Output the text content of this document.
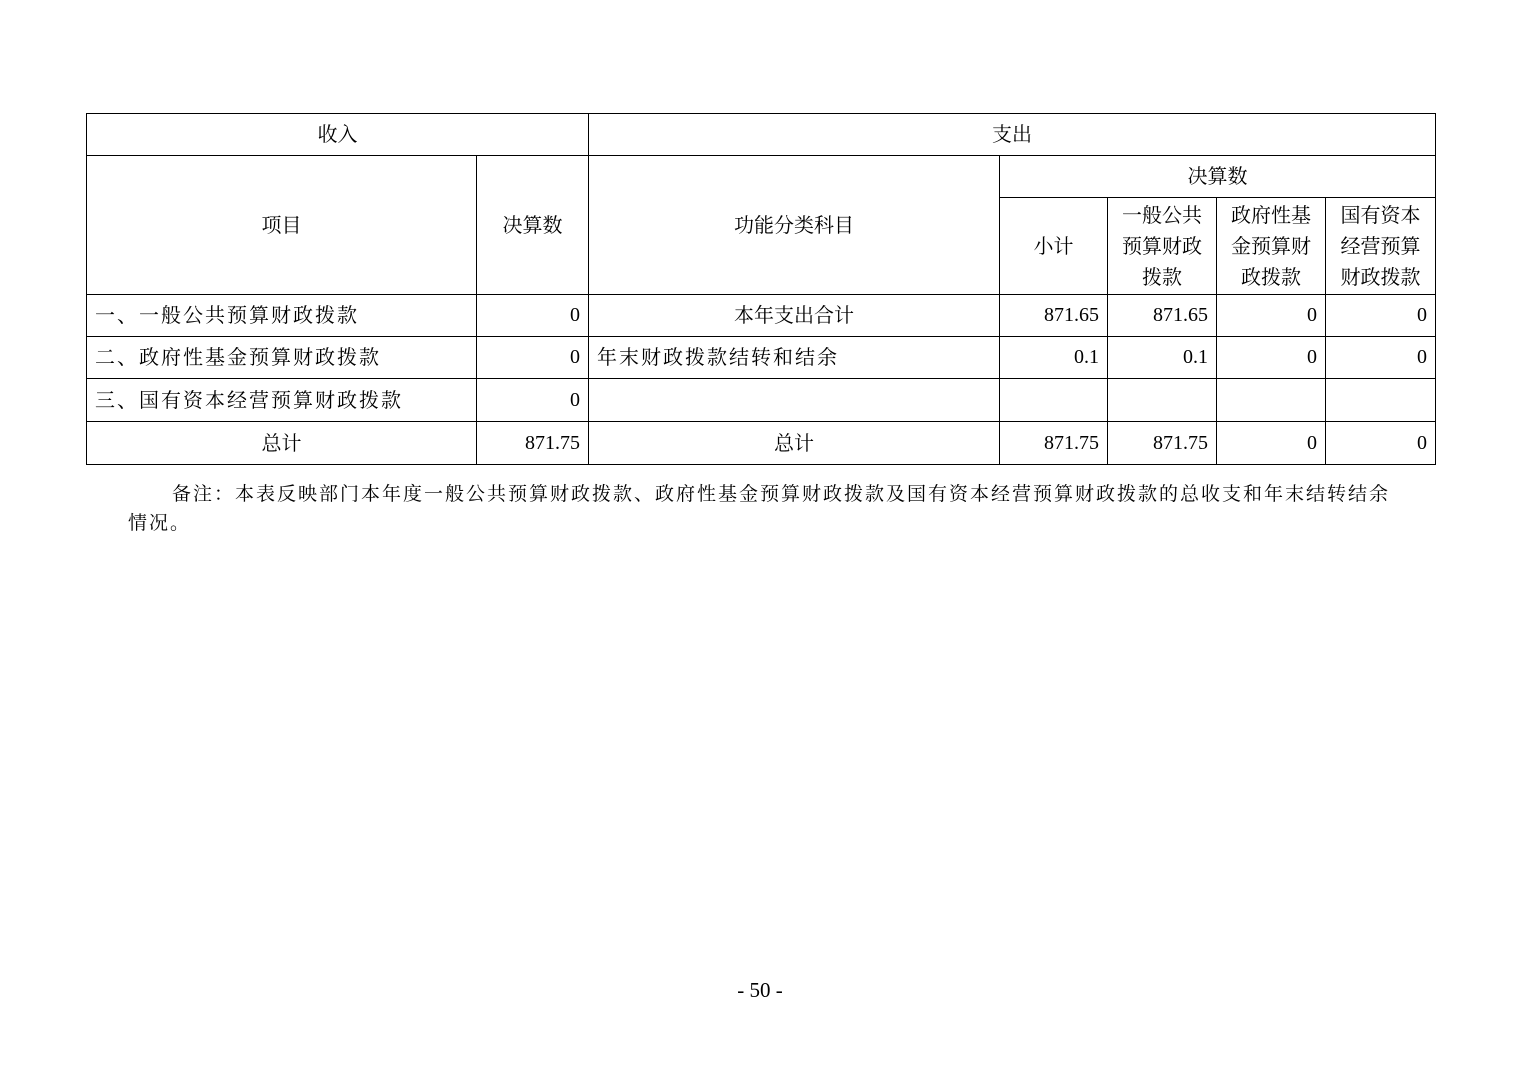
收入		支出				
项目	决算数	功能分类科目	决算数			
			小计	一般公共预算财政拨款	政府性基金预算财政拨款	国有资本经营预算财政拨款
一、一般公共预算财政拨款	0	本年支出合计	871.65	871.65	0	0
二、政府性基金预算财政拨款	0	年末财政拨款结转和结余	0.1	0.1	0	0
三、国有资本经营预算财政拨款	0					
总计	871.75	总计	871.75	871.75	0	0
备注：本表反映部门本年度一般公共预算财政拨款、政府性基金预算财政拨款及国有资本经营预算财政拨款的总收支和年末结转结余情况。
- 50 -
